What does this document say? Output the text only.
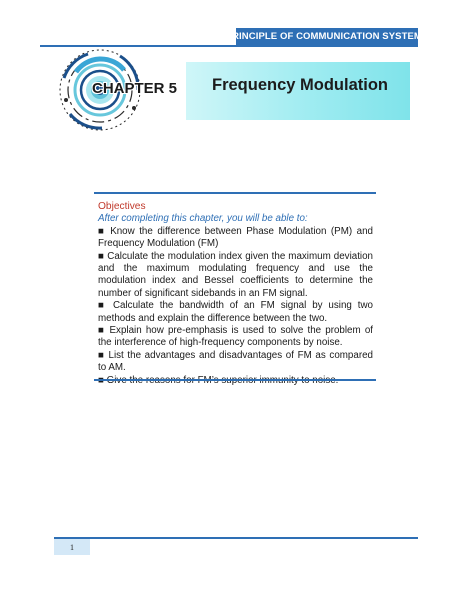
PRINCIPLE OF COMMUNICATION SYSTEMS
Frequency Modulation
CHAPTER 5
Objectives
After completing this chapter, you will be able to:
■ Know the difference between Phase Modulation (PM) and Frequency Modulation (FM)
■ Calculate the modulation index given the maximum deviation and the maximum modulating frequency and use the modulation index and Bessel coefficients to determine the number of significant sidebands in an FM signal.
■ Calculate the bandwidth of an FM signal by using two methods and explain the difference between the two.
■ Explain how pre-emphasis is used to solve the problem of the interference of high-frequency components by noise.
■ List the advantages and disadvantages of FM as compared to AM.
1
